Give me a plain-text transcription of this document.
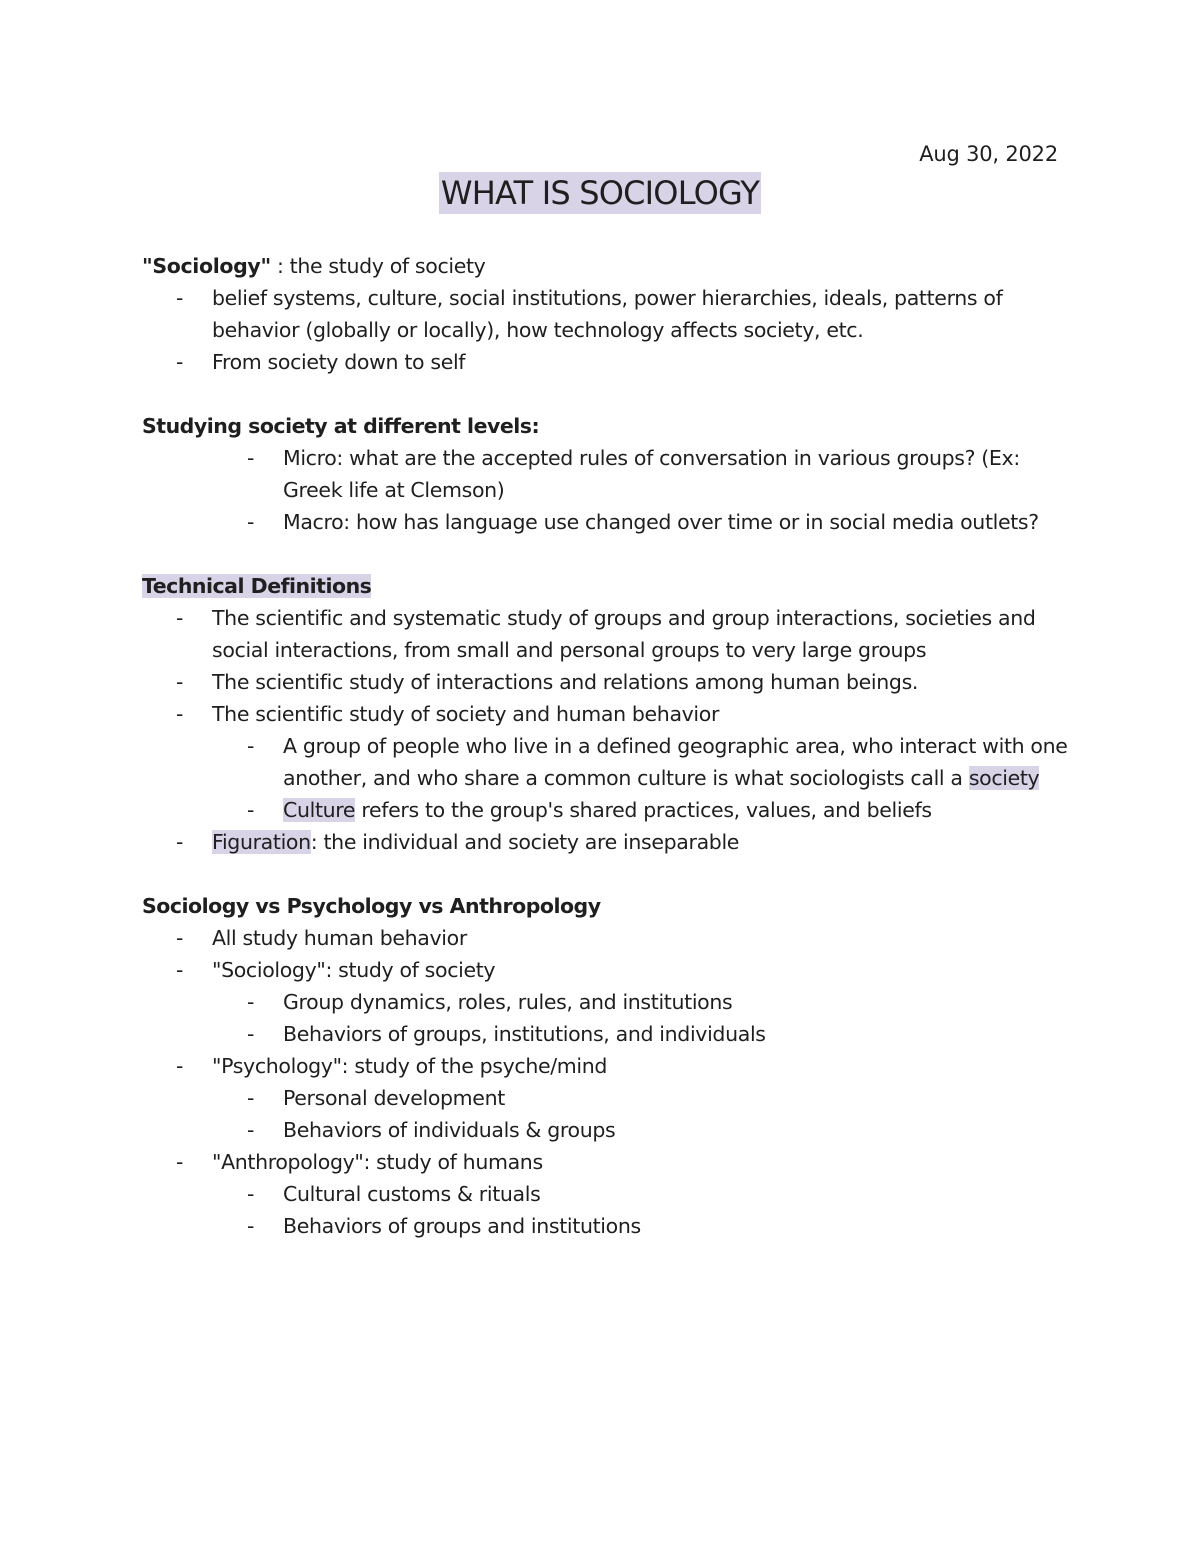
Aug 30, 2022
WHAT IS SOCIOLOGY
"Sociology" : the study of society
- belief systems, culture, social institutions, power hierarchies, ideals, patterns of behavior (globally or locally), how technology affects society, etc.
- From society down to self
Studying society at different levels:
- Micro: what are the accepted rules of conversation in various groups? (Ex: Greek life at Clemson)
- Macro: how has language use changed over time or in social media outlets?
Technical Definitions
- The scientific and systematic study of groups and group interactions, societies and social interactions, from small and personal groups to very large groups
- The scientific study of interactions and relations among human beings.
- The scientific study of society and human behavior
- A group of people who live in a defined geographic area, who interact with one another, and who share a common culture is what sociologists call a society
- Culture refers to the group's shared practices, values, and beliefs
- Figuration: the individual and society are inseparable
Sociology vs Psychology vs Anthropology
- All study human behavior
- "Sociology": study of society
- Group dynamics, roles, rules, and institutions
- Behaviors of groups, institutions, and individuals
- "Psychology": study of the psyche/mind
- Personal development
- Behaviors of individuals & groups
- "Anthropology": study of humans
- Cultural customs & rituals
- Behaviors of groups and institutions
